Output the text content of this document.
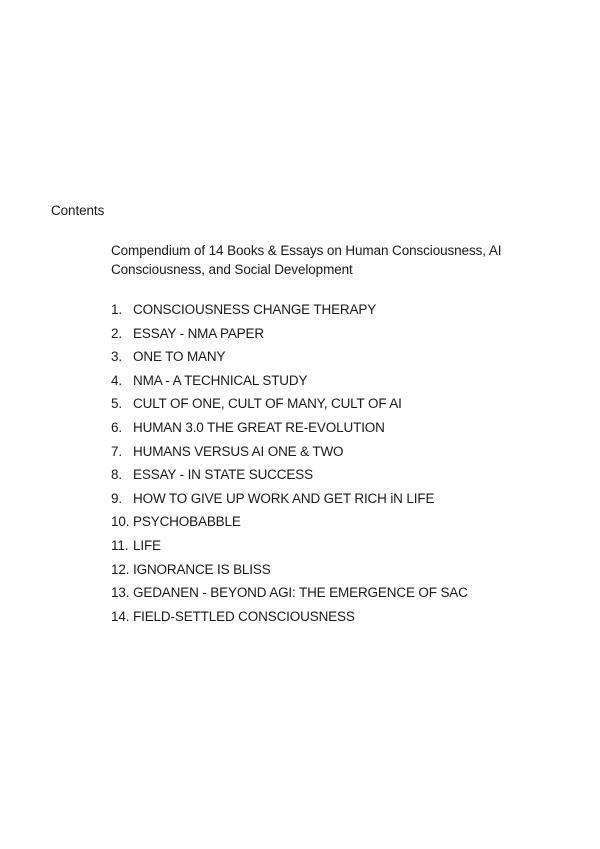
Contents
Compendium of 14 Books & Essays on Human Consciousness, AI Consciousness, and Social Development
1. CONSCIOUSNESS CHANGE THERAPY
2. ESSAY - NMA PAPER
3. ONE TO MANY
4. NMA - A TECHNICAL STUDY
5. CULT OF ONE, CULT OF MANY, CULT OF AI
6. HUMAN 3.0 THE GREAT RE-EVOLUTION
7. HUMANS VERSUS AI ONE & TWO
8. ESSAY - IN STATE SUCCESS
9. HOW TO GIVE UP WORK AND GET RICH iN LIFE
10. PSYCHOBABBLE
11. LIFE
12. IGNORANCE IS BLISS
13. GEDANEN - BEYOND AGI: THE EMERGENCE OF SAC
14. FIELD-SETTLED CONSCIOUSNESS
